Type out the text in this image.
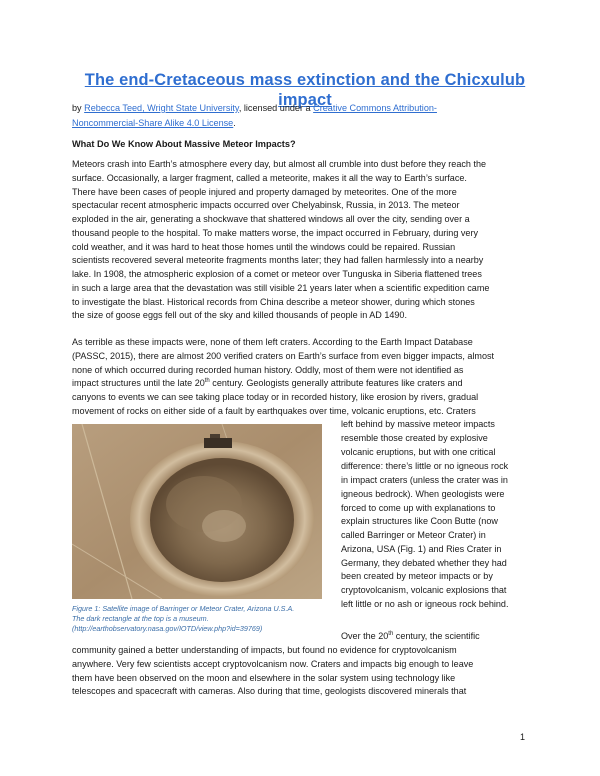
The end-Cretaceous mass extinction and the Chicxulub impact
by Rebecca Teed, Wright State University, licensed under a Creative Commons Attribution-
Noncommercial-Share Alike 4.0 License.
What Do We Know About Massive Meteor Impacts?
Meteors crash into Earth’s atmosphere every day, but almost all crumble into dust before they reach the
surface. Occasionally, a larger fragment, called a meteorite, makes it all the way to Earth’s surface.
There have been cases of people injured and property damaged by meteorites. One of the more
spectacular recent atmospheric impacts occurred over Chelyabinsk, Russia, in 2013. The meteor
exploded in the air, generating a shockwave that shattered windows all over the city, sending over a
thousand people to the hospital. To make matters worse, the impact occurred in February, during very
cold weather, and it was hard to heat those homes until the windows could be repaired. Russian
scientists recovered several meteorite fragments months later; they had fallen harmlessly into a nearby
lake. In 1908, the atmospheric explosion of a comet or meteor over Tunguska in Siberia flattened trees
in such a large area that the devastation was still visible 21 years later when a scientific expedition came
to investigate the blast. Historical records from China describe a meteor shower, during which stones
the size of goose eggs fell out of the sky and killed thousands of people in AD 1490.
As terrible as these impacts were, none of them left craters. According to the Earth Impact Database
(PASSC, 2015), there are almost 200 verified craters on Earth’s surface from even bigger impacts, almost
none of which occurred during recorded human history. Oddly, most of them were not identified as
impact structures until the late 20th century. Geologists generally attribute features like craters and
canyons to events we can see taking place today or in recorded history, like erosion by rivers, gradual
movement of rocks on either side of a fault by earthquakes over time, volcanic eruptions, etc. Craters
Figure 1: Satellite image of Barringer or Meteor Crater, Arizona U.S.A.
The dark rectangle at the top is a museum.
(http://earthobservatory.nasa.gov/IOTD/view.php?id=39769)
left behind by massive meteor impacts
resemble those created by explosive
volcanic eruptions, but with one critical
difference: there’s little or no igneous rock
in impact craters (unless the crater was in
igneous bedrock). When geologists were
forced to come up with explanations to
explain structures like Coon Butte (now
called Barringer or Meteor Crater) in
Arizona, USA (Fig. 1) and Ries Crater in
Germany, they debated whether they had
been created by meteor impacts or by
cryptovolcanism, volcanic explosions that
left little or no ash or igneous rock behind.
Over the 20th century, the scientific
community gained a better understanding of impacts, but found no evidence for cryptovolcanism
anywhere. Very few scientists accept cryptovolcanism now. Craters and impacts big enough to leave
them have been observed on the moon and elsewhere in the solar system using technology like
telescopes and spacecraft with cameras. Also during that time, geologists discovered minerals that
1
